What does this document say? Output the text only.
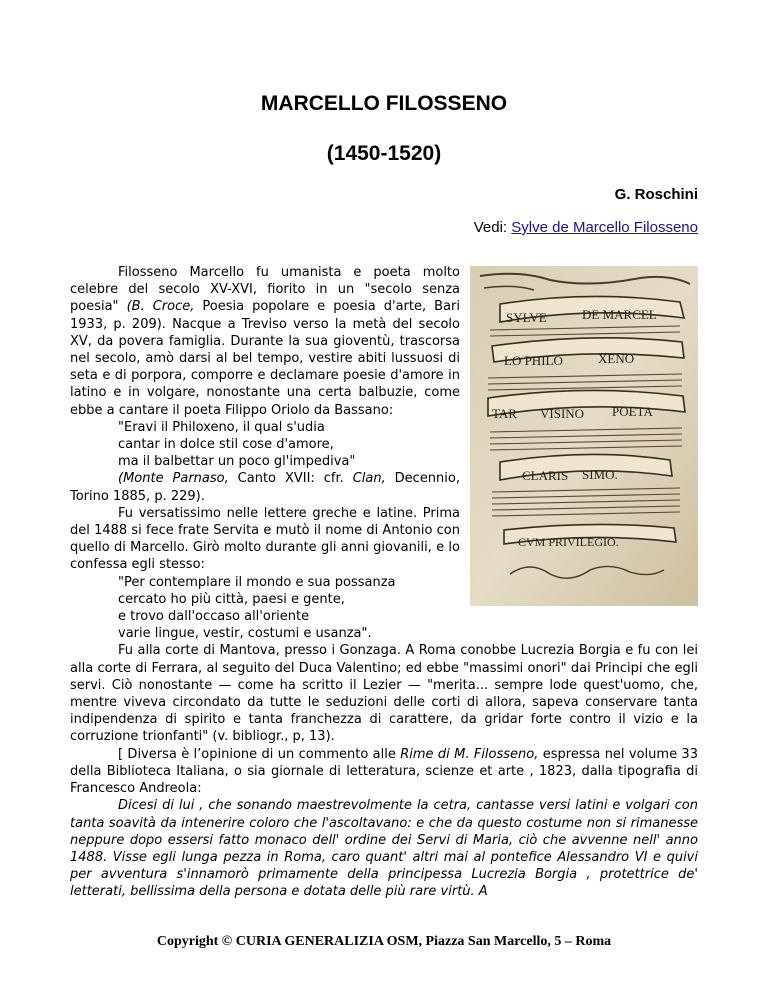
MARCELLO FILOSSENO
(1450-1520)
G. Roschini
Vedi: Sylve de Marcello Filosseno
SYLVE	DE MARCEL
LO PHILO	XENO
TAR VISINO POETA
CLARIS SIMO.
CVM PRIVILEGIO.

Filosseno Marcello fu umanista e poeta molto celebre del secolo XV-XVI, fiorito in un "secolo senza poesia" (B. Croce, Poesia popolare e poesia d'arte, Bari 1933, p. 209). Nacque a Treviso verso la metà del secolo XV, da povera famiglia. Durante la sua gioventù, trascorsa nel secolo, amò darsi al bel tempo, vestire abiti lussuosi di seta e di porpora, comporre e declamare poesie d'amore in latino e in volgare, nonostante una certa balbuzie, come ebbe a cantare il poeta Filippo Oriolo da Bassano:

"Eravi il Philoxeno, il qual s'udia

cantar in dolce stil cose d'amore,

ma il balbettar un poco gl'impediva"

(Monte Parnaso, Canto XVII: cfr. Clan, Decennio, Torino 1885, p. 229).

Fu versatissimo nelle lettere greche e latine. Prima del 1488 si fece frate Servita e mutò il nome di Antonio con quello di Marcello. Girò molto durante gli anni giovanili, e lo confessa egli stesso:

"Per contemplare il mondo e sua possanza

cercato ho più città, paesi e gente,

e trovo dall'occaso all'oriente

varie lingue, vestir, costumi e usanza".

Fu alla corte di Mantova, presso i Gonzaga. A Roma conobbe Lucrezia Borgia e fu con lei alla corte di Ferrara, al seguito del Duca Valentino; ed ebbe "massimi onori" dai Principi che egli servi. Ciò nonostante — come ha scritto il Lezier — "merita... sempre lode quest'uomo, che, mentre viveva circondato da tutte le seduzioni delle corti di allora, sapeva conservare tanta indipendenza di spirito e tanta franchezza di carattere, da gridar forte contro il vizio e la corruzione trionfanti" (v. bibliogr., p, 13).

[ Diversa è l’opinione di un commento alle Rime di M. Filosseno, espressa nel volume 33 della Biblioteca Italiana, o sia giornale di letteratura, scienze et arte , 1823, dalla tipografia di Francesco Andreola:

Dicesi di lui , che sonando maestrevolmente la cetra, cantasse versi latini e volgari con tanta soavità da intenerire coloro che l'ascoltavano: e che da questo costume non si rimanesse neppure dopo essersi fatto monaco dell' ordine dei Servi di Maria, ciò che avvenne nell' anno 1488. Visse egli lunga pezza in Roma, caro quant' altri mai al pontefice Alessandro VI e quivi per avventura s'innamorò primamente della principessa Lucrezia Borgia , protettrice de' letterati, bellissima della persona e dotata delle più rare virtù. A

Copyright © CURIA GENERALIZIA OSM, Piazza San Marcello, 5 – Roma
